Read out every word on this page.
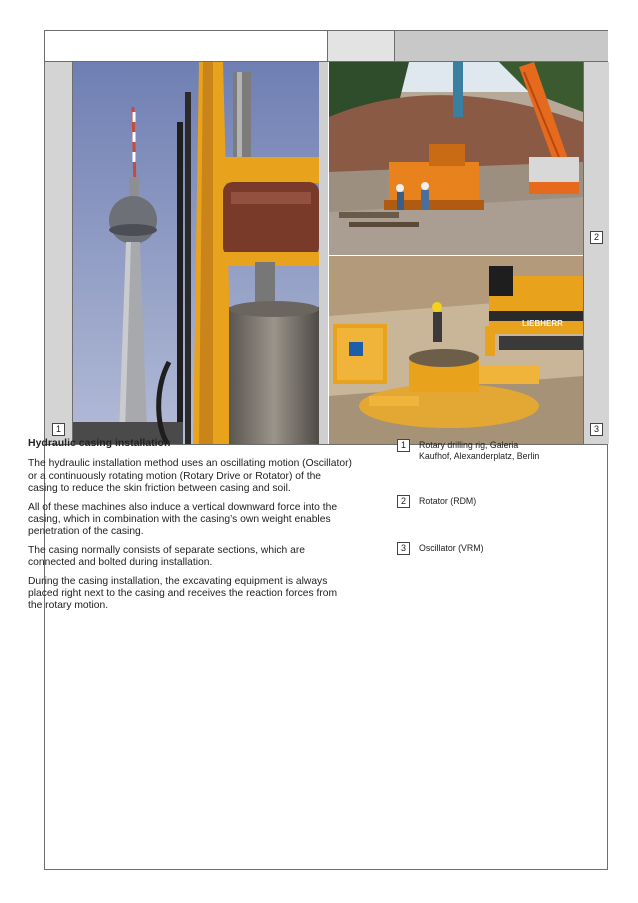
1
2
3
LIEBHERR
Hydraulic casing installation

The hydraulic installation method uses an oscillating motion (Oscillator) or a continuously rotating motion (Rotary Drive or Rotator) of the casing to reduce the skin friction between casing and soil.

All of these machines also induce a vertical downward force into the casing, which in combination with the casing’s own weight enables penetration of the casing.

The casing normally consists of separate sections, which are connected and bolted during installation.

During the casing installation, the excavating equipment is always placed right next to the casing and receives the reaction forces from the rotary motion.

1	Rotary drilling rig, Galeria Kaufhof, Alexanderplatz, Berlin
2	Rotator (RDM)
3	Oscillator (VRM)
